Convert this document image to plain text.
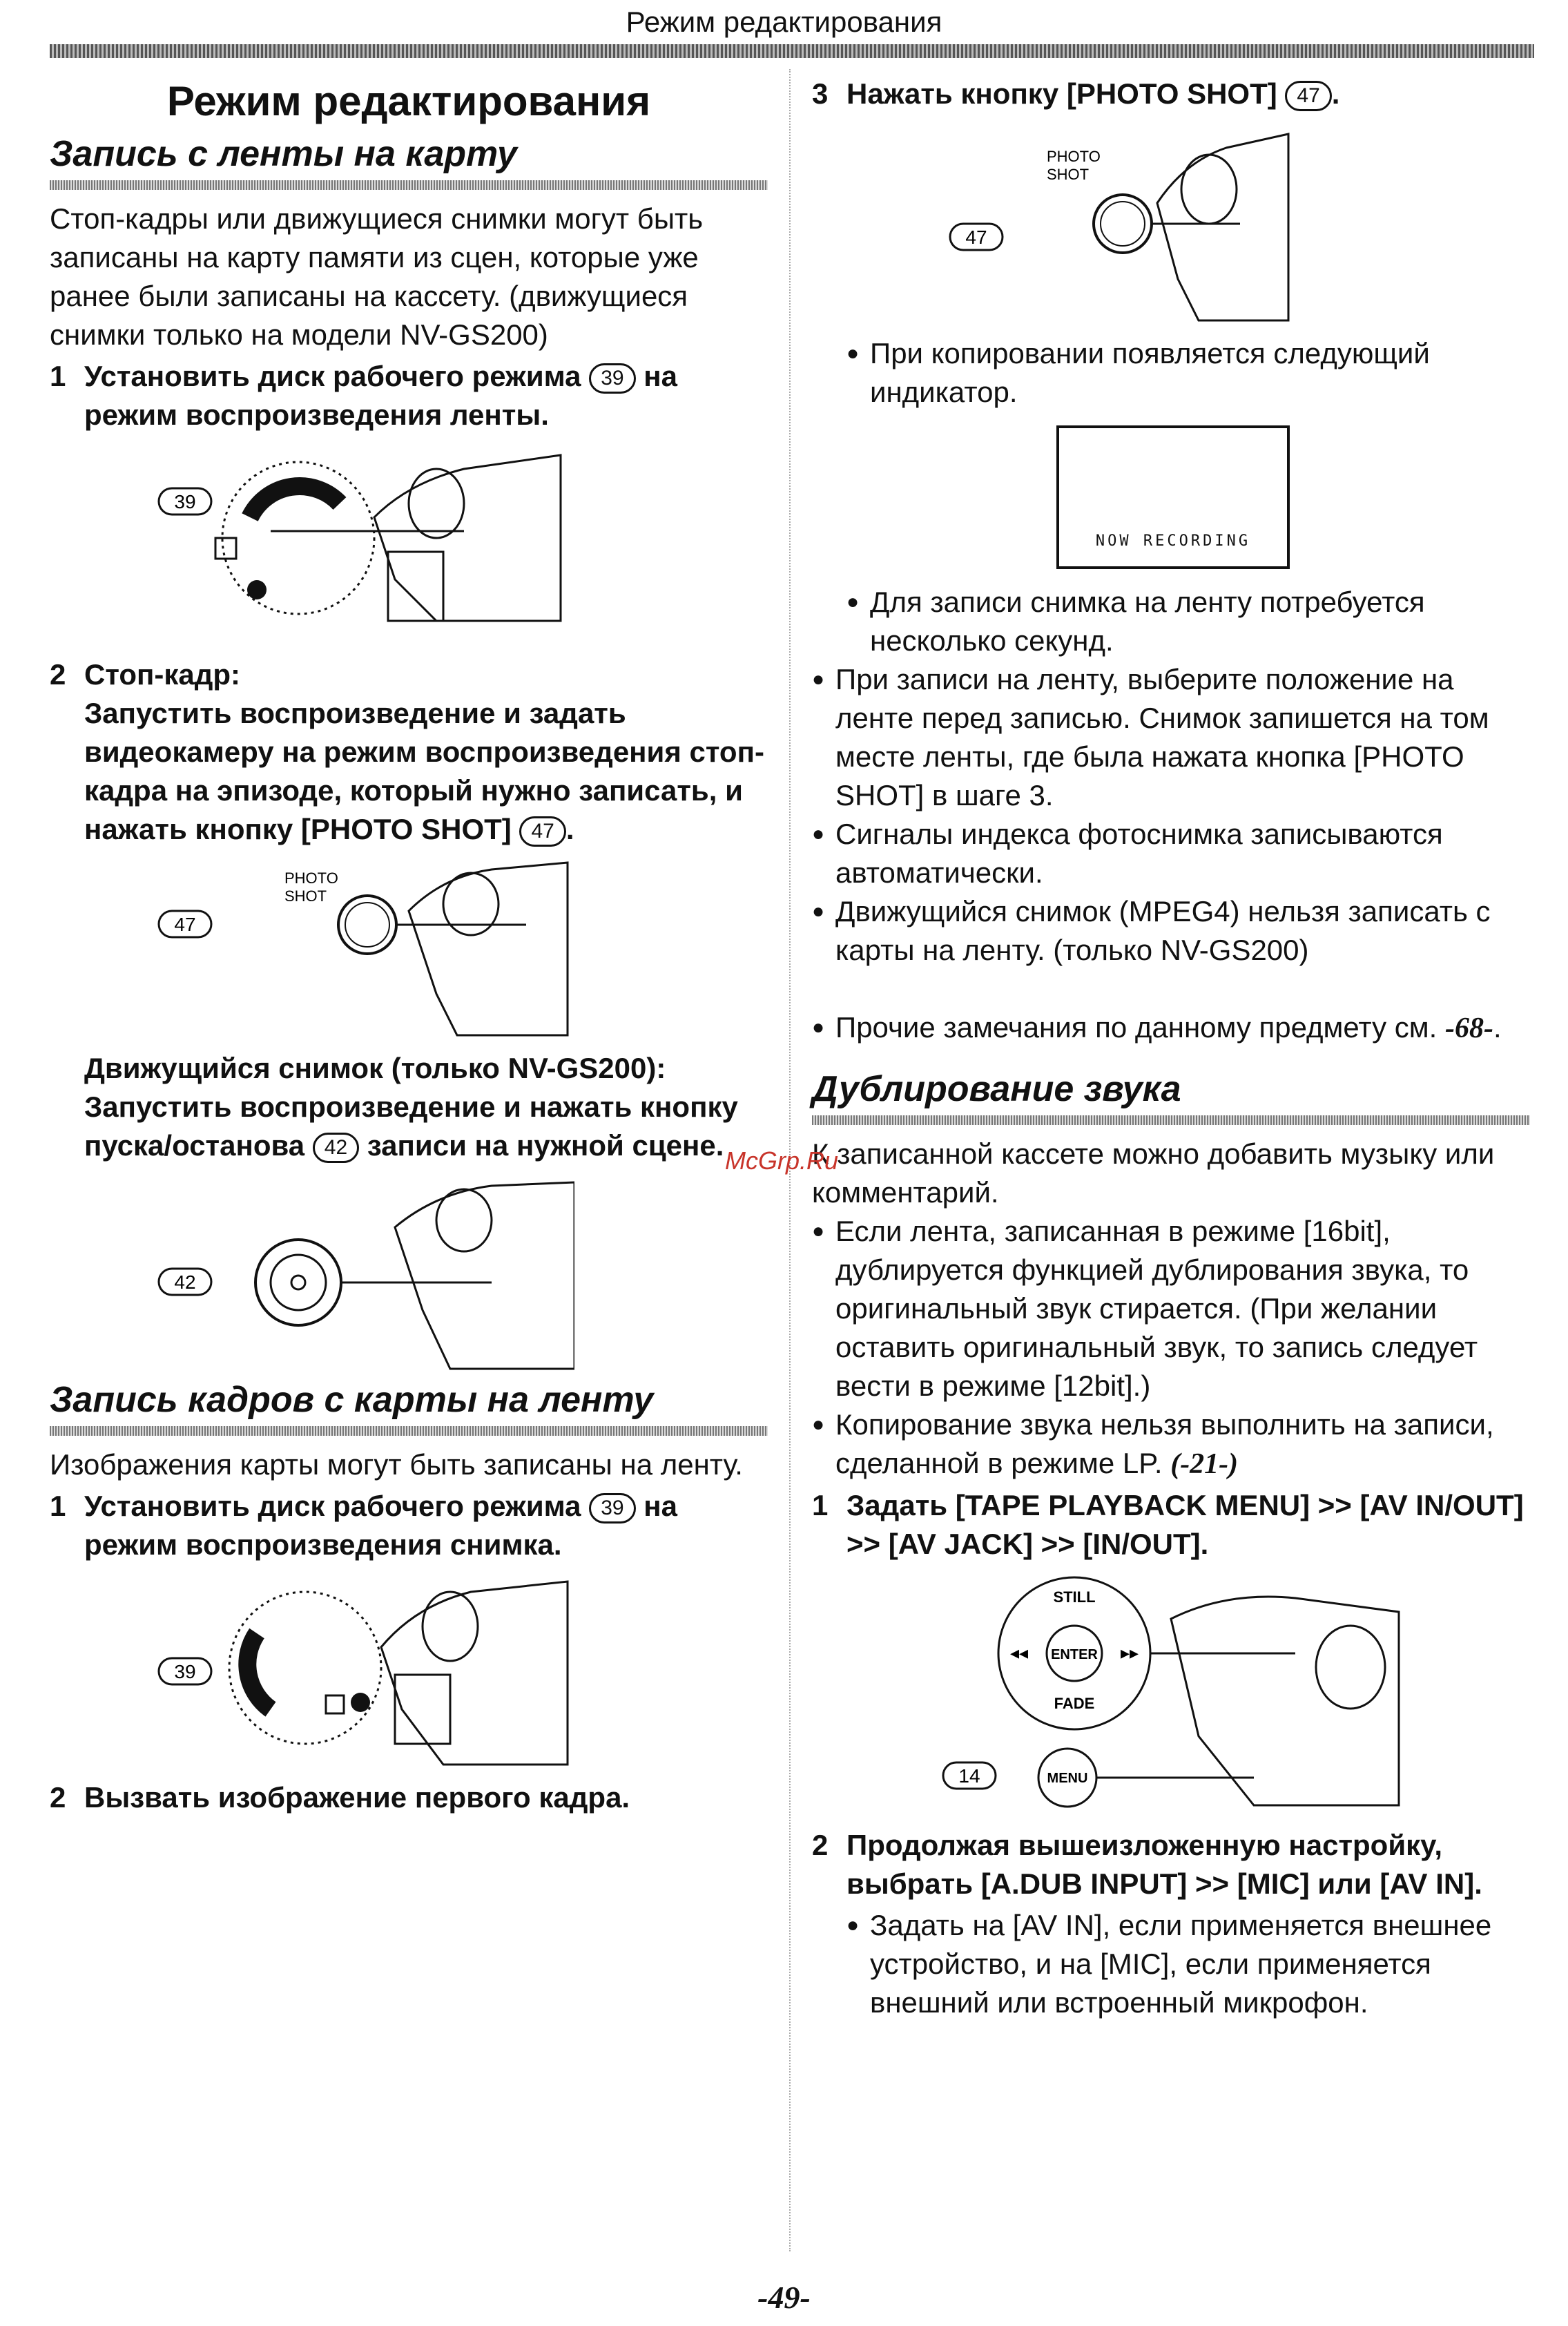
Режим редактирования
Режим редактирования
Запись с ленты на карту

Стоп-кадры или движущиеся снимки могут быть записаны на карту памяти из сцен, которые уже ранее были записаны на кассету. (движущиеся снимки только на модели NV-GS200)

1 Установить диск рабочего режима 39 на режим воспроизведения ленты.
39
2 Стоп-кадр:
Запустить воспроизведение и задать видеокамеру на режим воспроизведения стоп-кадра на эпизоде, который нужно записать, и нажать кнопку [PHOTO SHOT] 47 .
47
PHOTO
SHOT
Движущийся снимок (только NV-GS200):
Запустить воспроизведение и нажать кнопку пуска/останова 42 записи на нужной сцене.
42
Запись кадров с карты на ленту

Изображения карты могут быть записаны на ленту.

1 Установить диск рабочего режима 39 на режим воспроизведения снимка.
39
2 Вызвать изображение первого кадра.
3 Нажать кнопку [PHOTO SHOT] 47 .
47
PHOTO
SHOT
● При копировании появляется следующий индикатор.
NOW RECORDING
● Для записи снимка на ленту потребуется несколько секунд.
● При записи на ленту, выберите положение на ленте перед записью. Снимок запишется на том месте ленты, где была нажата кнопка [PHOTO SHOT] в шаге 3.
● Сигналы индекса фотоснимка записываются автоматически.
● Движущийся снимок (MPEG4) нельзя записать с карты на ленту. (только NV-GS200)
● Прочие замечания по данному предмету см. -68-.
Дублирование звука

К записанной кассете можно добавить музыку или комментарий.

● Если лента, записанная в режиме [16bit], дублируется функцией дублирования звука, то оригинальный звук стирается. (При желании оставить оригинальный звук, то запись следует вести в режиме [12bit].)
● Копирование звука нельзя выполнить на записи, сделанной в режиме LP. (-21-)
1 Задать [TAPE PLAYBACK MENU] >> [AV IN/OUT] >> [AV JACK] >> [IN/OUT].
STILL
ENTER
FADE
◂◂	▸▸
14	MENU
2 Продолжая вышеизложенную настройку, выбрать [A.DUB INPUT] >> [MIC] или [AV IN].
● Задать на [AV IN], если применяется внешнее устройство, и на [MIC], если применяется внешний или встроенный микрофон.
McGrp.Ru
-49-
